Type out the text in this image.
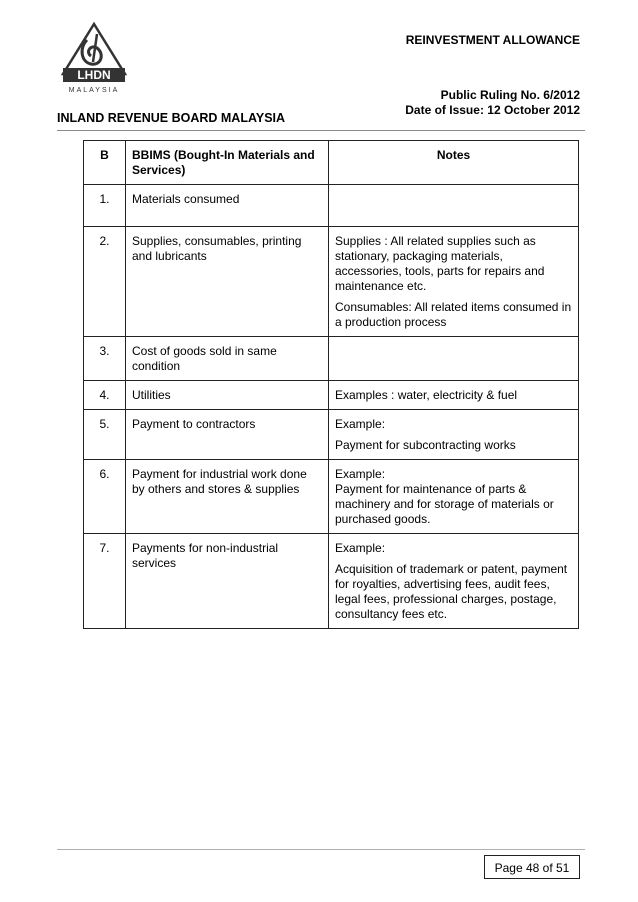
LHDN
MALAYSIA
REINVESTMENT ALLOWANCE
Public Ruling No. 6/2012
Date of Issue: 12 October 2012
INLAND REVENUE BOARD MALAYSIA
B	BBIMS (Bought-In Materials and Services)	Notes
1.	Materials consumed	
2.	Supplies, consumables, printing and lubricants	Supplies : All related supplies such as stationary, packaging materials, accessories, tools, parts for repairs and maintenance etc.
Consumables: All related items consumed in a production process

3.	Cost of goods sold in same condition	
4.	Utilities	Examples : water, electricity & fuel

5.	Payment to contractors	Example:
Payment for subcontracting works

6.	Payment for industrial work done by others and stores & supplies	Example:
Payment for maintenance of parts & machinery and for storage of materials or purchased goods.

7.	Payments for non-industrial services	Example:
Acquisition of trademark or patent, payment for royalties, advertising fees, audit fees, legal fees, professional charges, postage, consultancy fees etc.
Page 48 of 51
